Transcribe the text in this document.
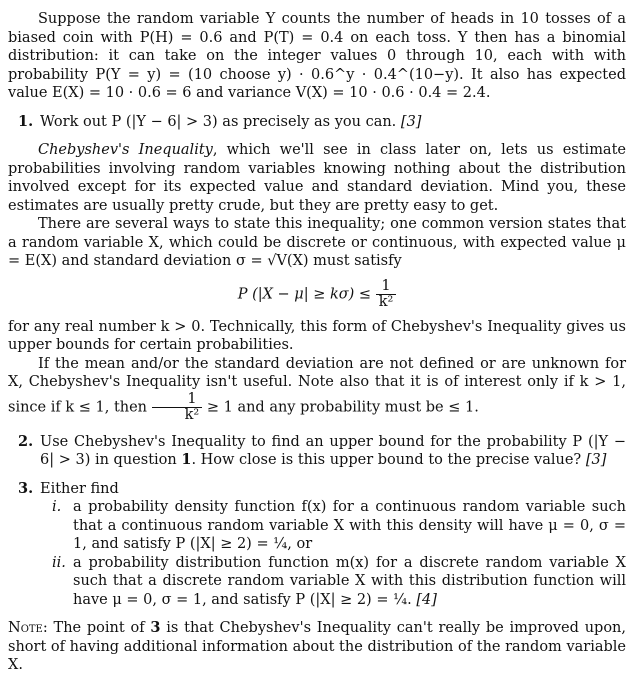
Suppose the random variable Y counts the number of heads in 10 tosses of a biased coin with P(H) = 0.6 and P(T) = 0.4 on each toss. Y then has a binomial distribution: it can take on the integer values 0 through 10, each with with probability P(Y = y) = (10 choose y) · 0.6^y · 0.4^(10−y). It also has expected value E(X) = 10 · 0.6 = 6 and variance V(X) = 10 · 0.6 · 0.4 = 2.4.

1. Work out P (|Y − 6| > 3) as precisely as you can. [3]

Chebyshev's Inequality, which we'll see in class later on, lets us estimate probabilities involving random variables knowing nothing about the distribution involved except for its expected value and standard deviation. Mind you, these estimates are usually pretty crude, but they are pretty easy to get.

There are several ways to state this inequality; one common version states that a random variable X, which could be discrete or continuous, with expected value μ = E(X) and standard deviation σ = √V(X) must satisfy

P $(|X - \mu| \ge k\sigma) \le \frac{1}{\text{k²}}$

for any real number k > 0. Technically, this form of Chebyshev's Inequality gives us upper bounds for certain probabilities.

If the mean and/or the standard deviation are not defined or are unknown for X, Chebyshev's Inequality isn't useful. Note also that it is of interest only if k > 1, since if k ≤ 1, then $\frac{1}{\text{k²}} \ge 1$ and any probability must be ≤ 1.

2. Use Chebyshev's Inequality to find an upper bound for the probability P (|Y − 6| > 3) in question 1. How close is this upper bound to the precise value? [3]
3. Either find
i. a probability density function f(x) for a continuous random variable such that a continuous random variable X with this density will have μ = 0, σ = 1, and satisfy P (|X| ≥ 2) = ¼, or
ii. a probability distribution function m(x) for a discrete random variable X such that a discrete random variable X with this distribution function will have μ = 0, σ = 1, and satisfy P (|X| ≥ 2) = ¼. [4]

Note: The point of 3 is that Chebyshev's Inequality can't really be improved upon, short of having additional information about the distribution of the random variable X.
